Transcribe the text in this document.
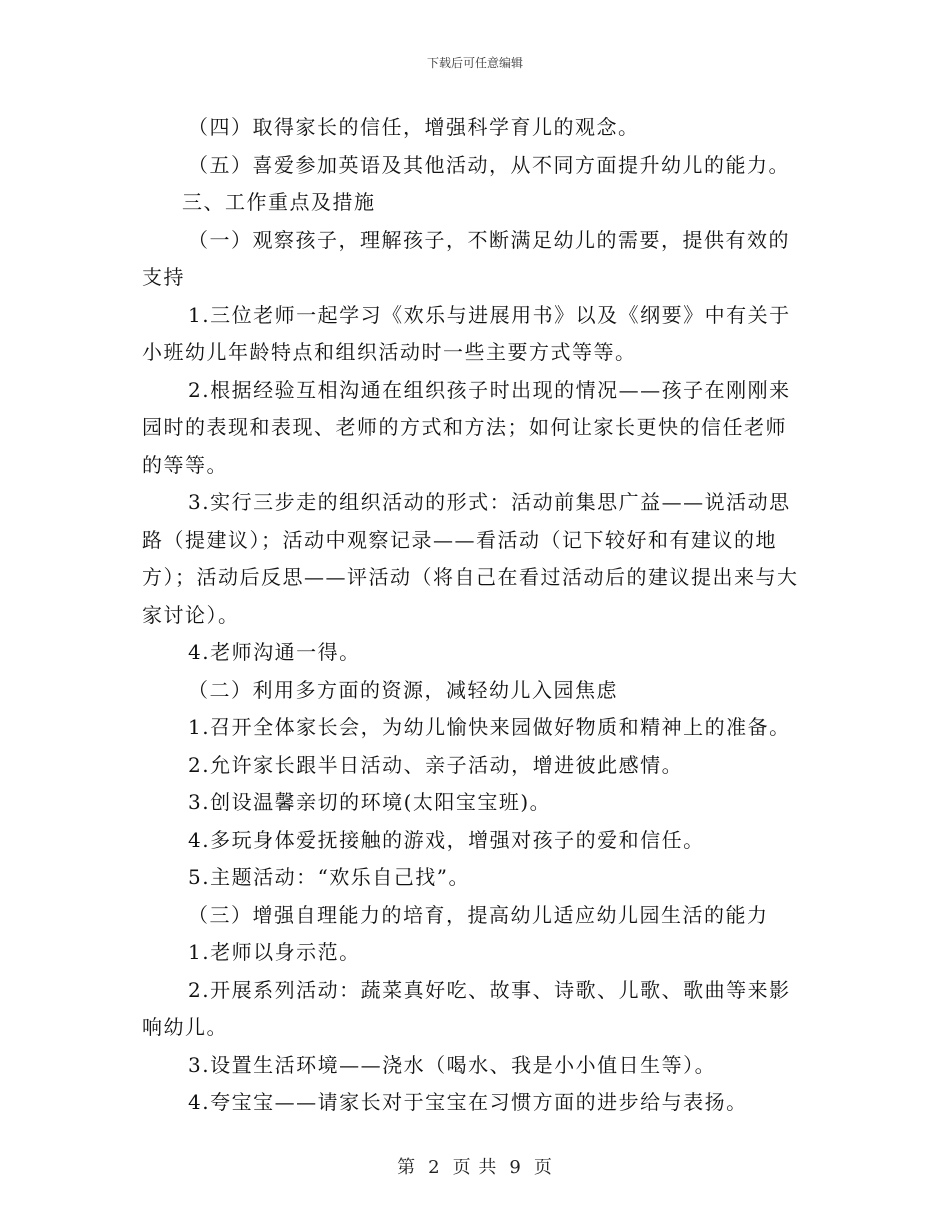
下载后可任意编辑

（四）取得家长的信任，增强科学育儿的观念。

（五）喜爱参加英语及其他活动，从不同方面提升幼儿的能力。

三、工作重点及措施

（一）观察孩子，理解孩子，不断满足幼儿的需要，提供有效的支持

1.三位老师一起学习《欢乐与进展用书》以及《纲要》中有关于小班幼儿年龄特点和组织活动时一些主要方式等等。

2.根据经验互相沟通在组织孩子时出现的情况——孩子在刚刚来园时的表现和表现、老师的方式和方法；如何让家长更快的信任老师的等等。

3.实行三步走的组织活动的形式：活动前集思广益——说活动思路（提建议）；活动中观察记录——看活动（记下较好和有建议的地方）；活动后反思——评活动（将自己在看过活动后的建议提出来与大家讨论）。

4.老师沟通一得。

（二）利用多方面的资源，减轻幼儿入园焦虑

1.召开全体家长会，为幼儿愉快来园做好物质和精神上的准备。

2.允许家长跟半日活动、亲子活动，增进彼此感情。

3.创设温馨亲切的环境(太阳宝宝班)。

4.多玩身体爱抚接触的游戏，增强对孩子的爱和信任。

5.主题活动：“欢乐自己找”。

（三）增强自理能力的培育，提高幼儿适应幼儿园生活的能力

1.老师以身示范。

2.开展系列活动：蔬菜真好吃、故事、诗歌、儿歌、歌曲等来影响幼儿。

3.设置生活环境——浇水（喝水、我是小小值日生等）。

4.夸宝宝——请家长对于宝宝在习惯方面的进步给与表扬。

第 2 页 共 9 页
